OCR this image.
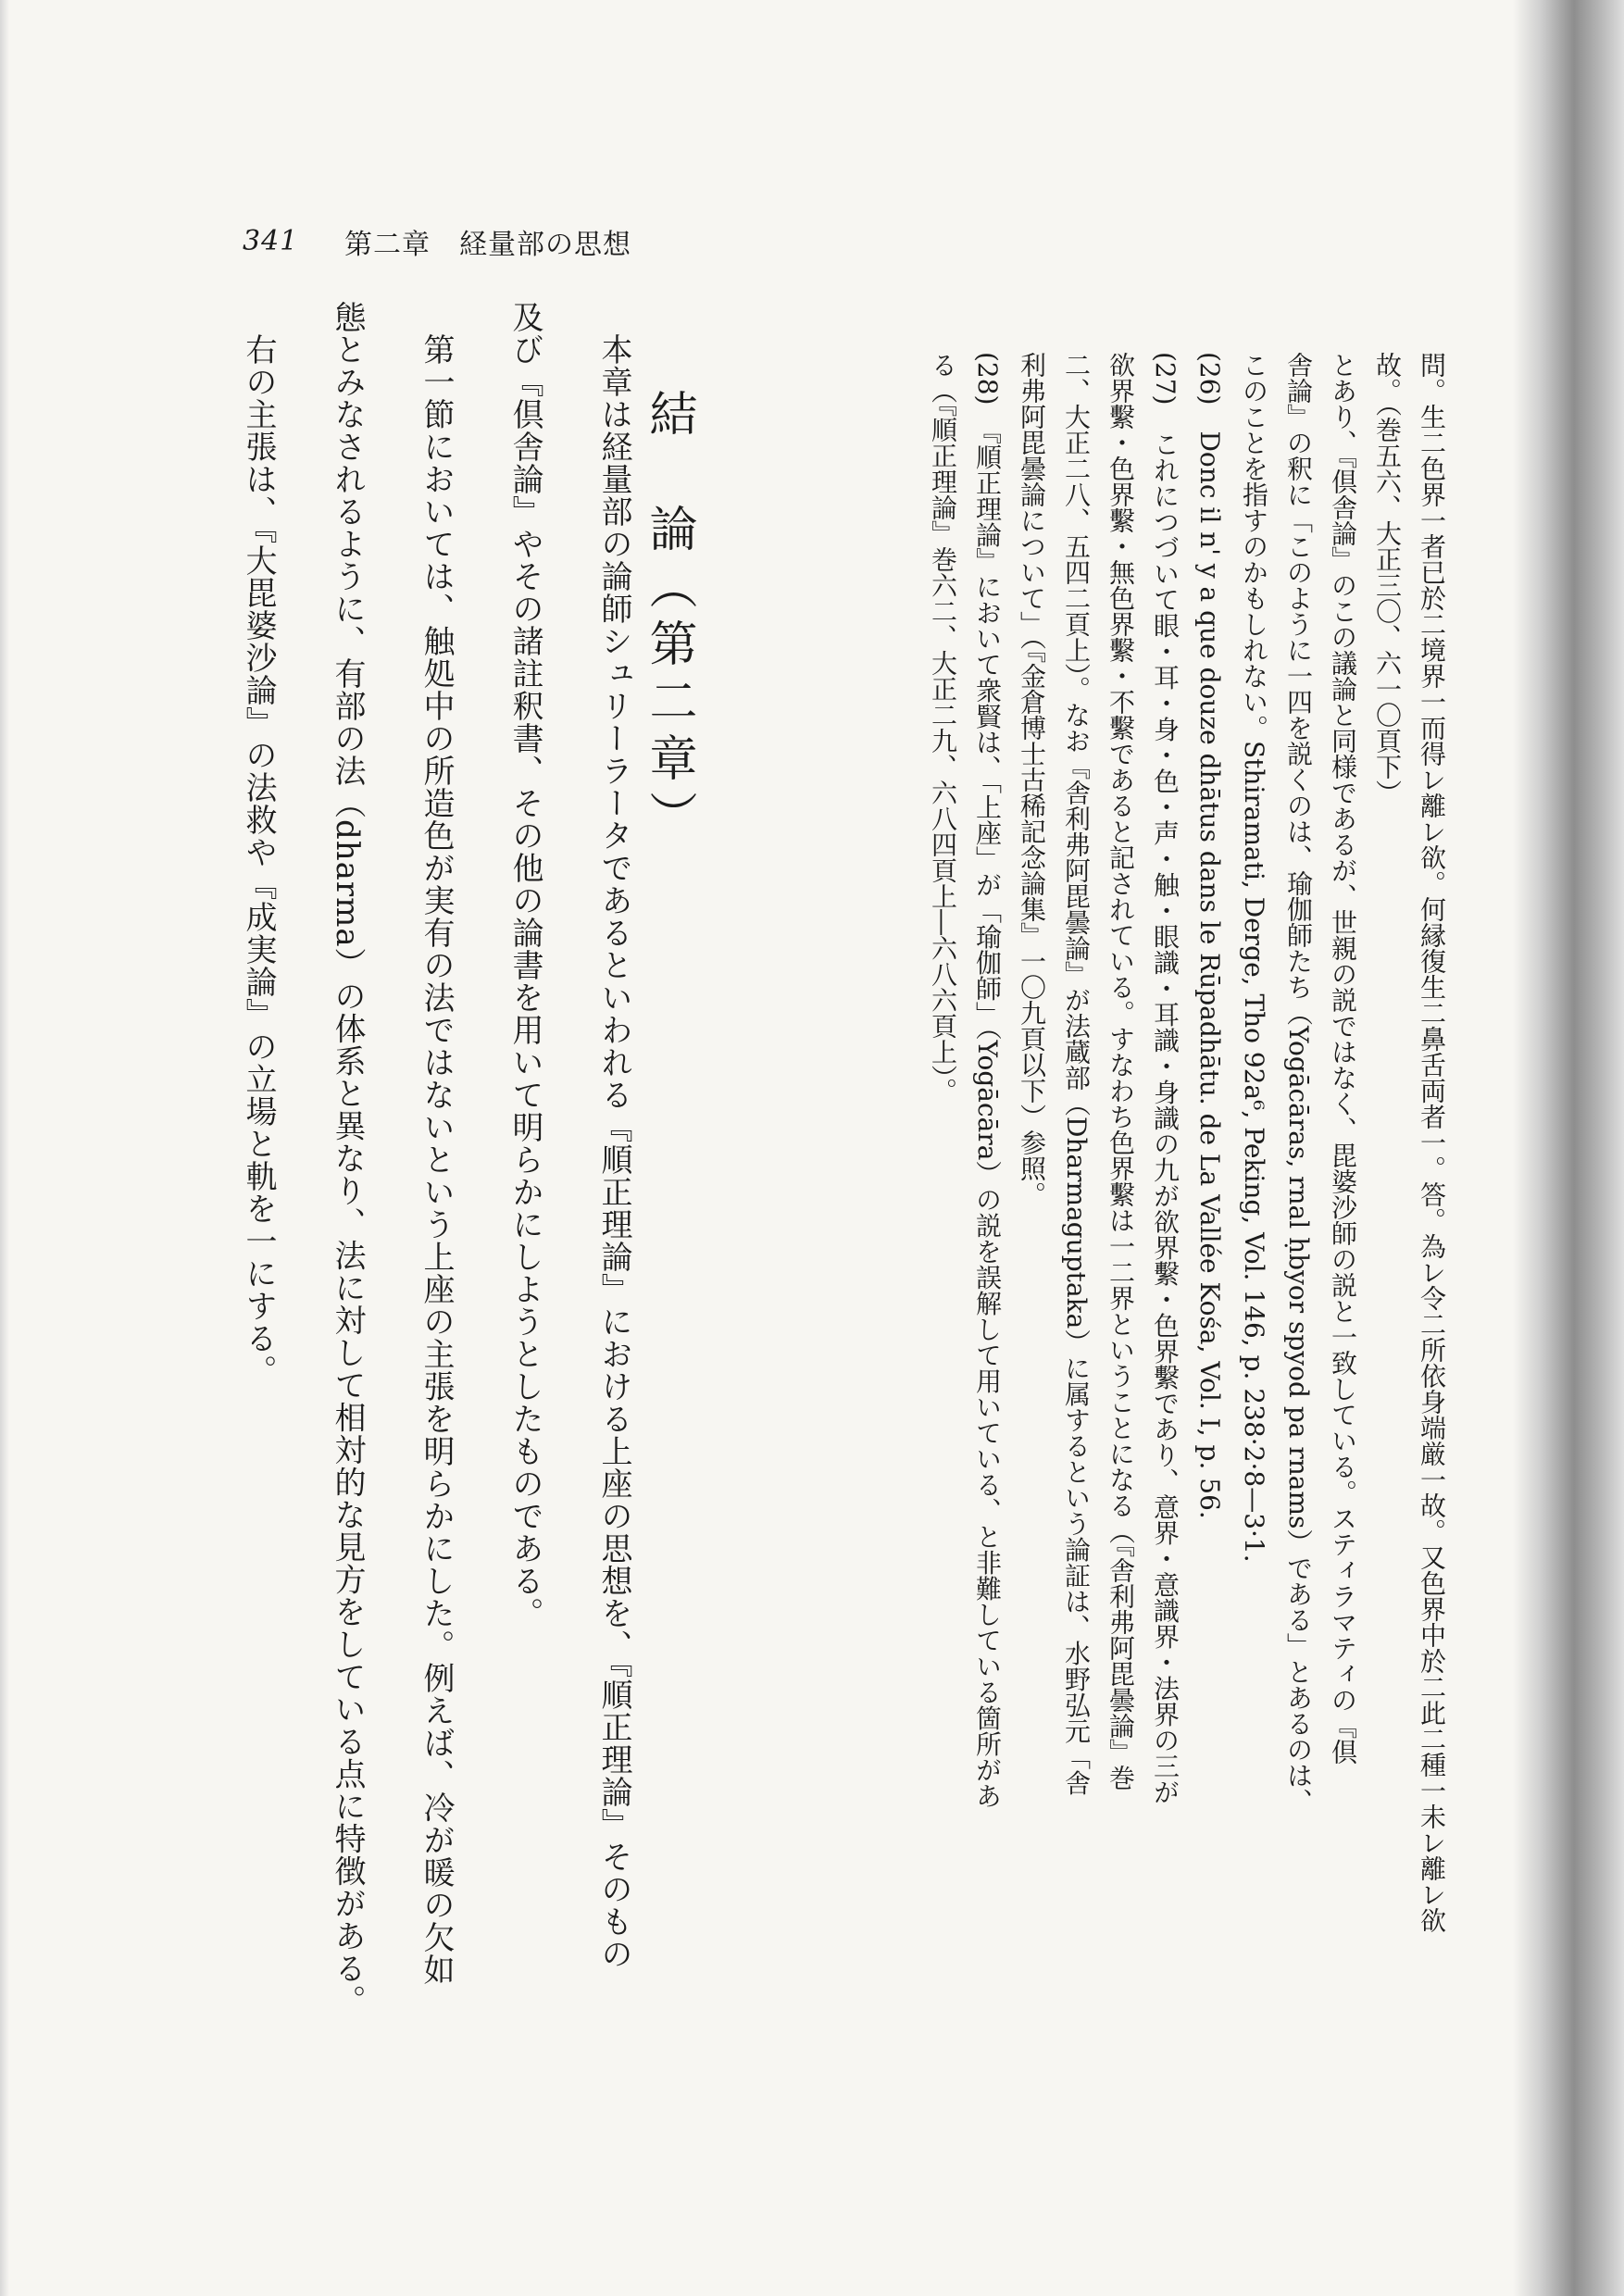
341 第二章　経量部の思想
問。生二色界一者已於二境界一而得レ離レ欲。何縁復生二鼻舌両者一。答。為レ令二所依身端厳一故。又色界中於二此二種一未レ離レ欲
故。（巻五六、大正三〇、六一〇頁下）
とあり、『倶舎論』のこの議論と同様であるが、世親の説ではなく、毘婆沙師の説と一致している。スティラマティの『倶
舎論』の釈に「このように一四を説くのは、瑜伽師たち（Yogācāras, rnal ḥbyor spyod pa rnams）である」とあるのは、
このことを指すのかもしれない。Sthiramati, Derge, Tho 92a⁶, Peking, Vol. 146, p. 238·2·8—3·1.
(26)　Donc il n' y a que douze dhātus dans le Rūpadhātu. de La Vallée Kośa, Vol. I, p. 56.
(27)　これにつづいて眼・耳・身・色・声・触・眼識・耳識・身識の九が欲界繫・色界繫であり、意界・意識界・法界の三が
欲界繫・色界繫・無色界繫・不繫であると記されている。すなわち色界繫は一二界ということになる（『舎利弗阿毘曇論』巻
二、大正二八、五四二頁上）。なお『舎利弗阿毘曇論』が法蔵部（Dharmaguptaka）に属するという論証は、水野弘元「舎
利弗阿毘曇論について」（『金倉博士古稀記念論集』一〇九頁以下）参照。
(28)　『順正理論』において衆賢は、「上座」が「瑜伽師」（Yogācāra）の説を誤解して用いている、と非難している箇所があ
る（『順正理論』巻六二、大正二九、六八四頁上―六八六頁上）。
結　論（第二章）
　本章は経量部の論師シュリーラータであるといわれる『順正理論』における上座の思想を、『順正理論』そのもの
及び『倶舎論』やその諸註釈書、その他の論書を用いて明らかにしようとしたものである。
　第一節においては、触処中の所造色が実有の法ではないという上座の主張を明らかにした。例えば、冷が暖の欠如
態とみなされるように、有部の法（dharma）の体系と異なり、法に対して相対的な見方をしている点に特徴がある。
　右の主張は、『大毘婆沙論』の法救や『成実論』の立場と軌を一にする。
